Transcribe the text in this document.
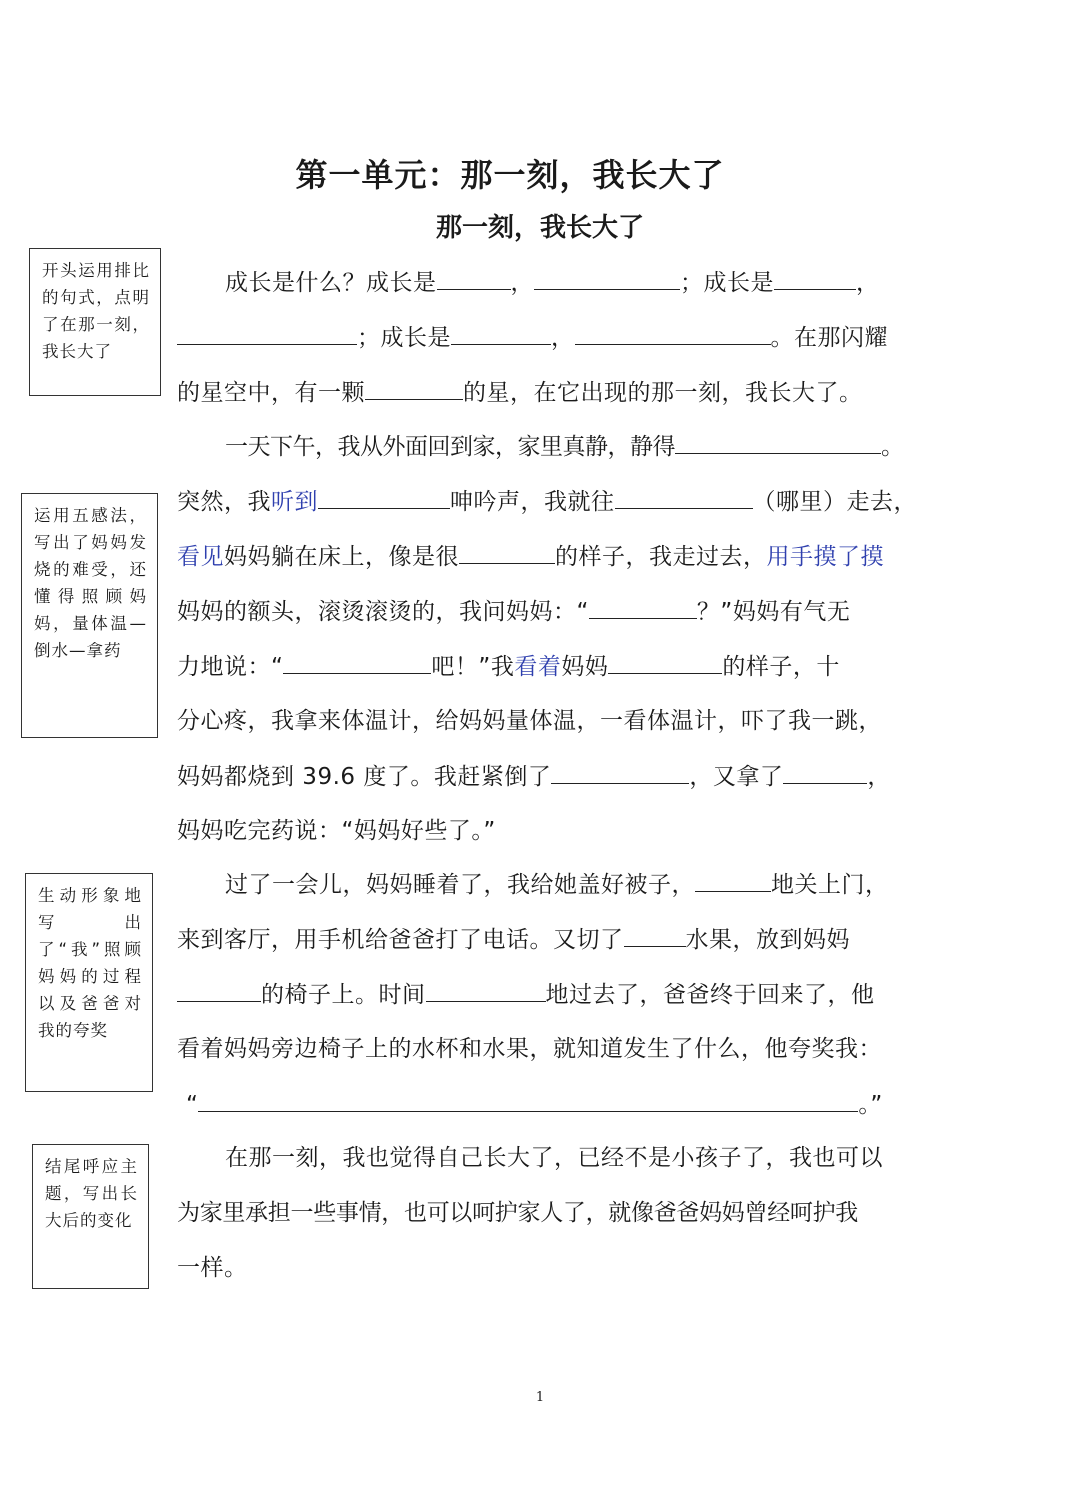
第一单元：那一刻，我长大了
那一刻，我长大了
开头运用排比的句式，点明了在那一刻，我长大了
运用五感法，写出了妈妈发烧的难受，还懂得照顾妈妈，量体温—倒水—拿药
生动形象地写出了“我”照顾妈妈的过程以及爸爸对我的夸奖
结尾呼应主题，写出长大后的变化
成长是什么？成长是	，	；成长是	，
；成长是	，	。在那闪耀
的星空中，有一颗	的星，在它出现的那一刻，我长大了。
一天下午，我从外面回到家，家里真静，静得	。
突然，我听到	呻吟声，我就往	（哪里）走去，
看见妈妈躺在床上，像是很	的样子，我走过去，用手摸了摸
妈妈的额头，滚烫滚烫的，我问妈妈：“	？”妈妈有气无
力地说：“	吧！”我看着妈妈	的样子，十
分心疼，我拿来体温计，给妈妈量体温，一看体温计，吓了我一跳，
妈妈都烧到 39.6 度了。我赶紧倒了	，又拿了	，
妈妈吃完药说：“妈妈好些了。”
过了一会儿，妈妈睡着了，我给她盖好被子，	地关上门，
来到客厅，用手机给爸爸打了电话。又切了	水果，放到妈妈
的椅子上。时间	地过去了，爸爸终于回来了，他
看着妈妈旁边椅子上的水杯和水果，就知道发生了什么，他夸奖我：
“	。”
在那一刻，我也觉得自己长大了，已经不是小孩子了，我也可以
为家里承担一些事情，也可以呵护家人了，就像爸爸妈妈曾经呵护我
一样。
1
